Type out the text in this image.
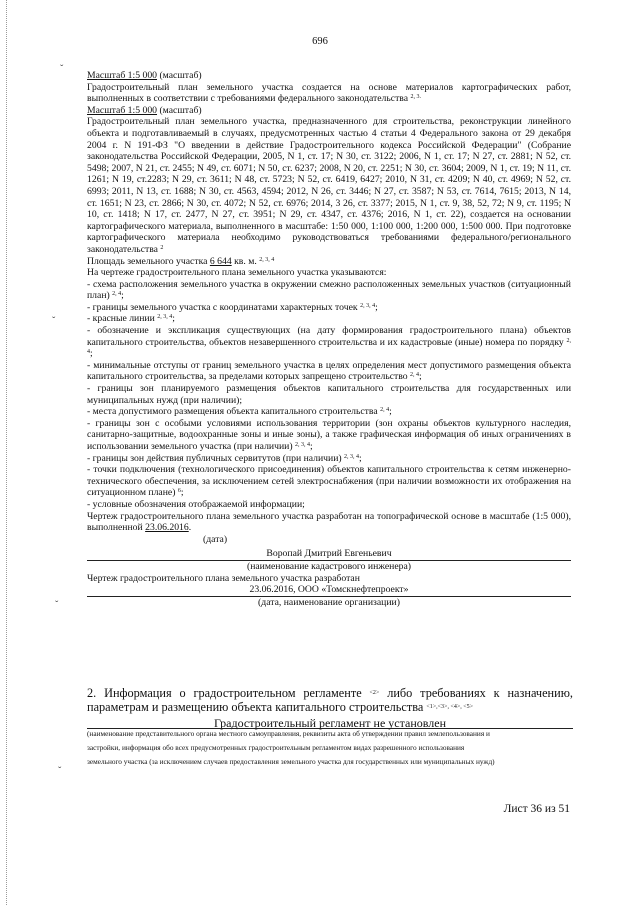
696
ˇ
ˇ
ˇ
ˇ

Масштаб 1:5 000 (масштаб)

Градостроительный план земельного участка создается на основе материалов картографических работ, выполненных в соответствии с требованиями федерального законодательства $^{2, 3.}$

Масштаб 1:5 000 (масштаб)

Градостроительный план земельного участка, предназначенного для строительства, реконструкции линейного объекта и подготавливаемый в случаях, предусмотренных частью 4 статьи 4 Федерального закона от 29 декабря 2004 г. N 191-ФЗ "О введении в действие Градостроительного кодекса Российской Федерации" (Собрание законодательства Российской Федерации, 2005, N 1, ст. 17; N 30, ст. 3122; 2006, N 1, ст. 17; N 27, ст. 2881; N 52, ст. 5498; 2007, N 21, ст. 2455; N 49, ст. 6071; N 50, ст. 6237; 2008, N 20, ст. 2251; N 30, ст. 3604; 2009, N 1, ст. 19; N 11, ст. 1261; N 19, ст.2283; N 29, ст. 3611; N 48, ст. 5723; N 52, ст. 6419, 6427; 2010, N 31, ст. 4209; N 40, ст. 4969; N 52, ст. 6993; 2011, N 13, ст. 1688; N 30, ст. 4563, 4594; 2012, N 26, ст. 3446; N 27, ст. 3587; N 53, ст. 7614, 7615; 2013, N 14, ст. 1651; N 23, ст. 2866; N 30, ст. 4072; N 52, ст. 6976; 2014, 3 26, ст. 3377; 2015, N 1, ст. 9, 38, 52, 72; N 9, ст. 1195; N 10, ст. 1418; N 17, ст. 2477, N 27, ст. 3951; N 29, ст. 4347, ст. 4376; 2016, N 1, ст. 22), создается на основании картографического материала, выполненного в масштабе: 1:50 000, 1:100 000, 1:200 000, 1:500 000. При подготовке картографического материала необходимо руководствоваться требованиями федерального/регионального законодательства $^2$

Площадь земельного участка 6 644 кв. м. $^{2, 3, 4}$

На чертеже градостроительного плана земельного участка указываются:

- схема расположения земельного участка в окружении смежно расположенных земельных участков (ситуационный план) $^{2, 4}$;

- границы земельного участка с координатами характерных точек $^{2, 3, 4}$;

- красные линии $^{2, 3, 4}$;

- обозначение и экспликация существующих (на дату формирования градостроительного плана) объектов капитального строительства, объектов незавершенного строительства и их кадастровые (иные) номера по порядку $^{2, 4}$;

- минимальные отступы от границ земельного участка в целях определения мест допустимого размещения объекта капитального строительства, за пределами которых запрещено строительство $^{2, 4}$;

- границы зон планируемого размещения объектов капитального строительства для государственных или муниципальных нужд (при наличии);

- места допустимого размещения объекта капитального строительства $^{2, 4}$;

- границы зон с особыми условиями использования территории (зон охраны объектов культурного наследия, санитарно-защитные, водоохранные зоны и иные зоны), а также графическая информация об иных ограничениях в использовании земельного участка (при наличии) $^{2, 3, 4}$;

- границы зон действия публичных сервитутов (при наличии) $^{2, 3, 4}$;

- точки подключения (технологического присоединения) объектов капитального строительства к сетям инженерно-технического обеспечения, за исключением сетей электроснабжения (при наличии возможности их отображения на ситуационном плане) $^6$;

- условные обозначения отображаемой информации;

Чертеж градостроительного плана земельного участка разработан на топографической основе в масштабе (1:5 000), выполненной 23.06.2016.

(дата)

Воропай Дмитрий Евгеньевич

(наименование кадастрового инженера)

Чертеж градостроительного плана земельного участка разработан

23.06.2016, ООО «Томскнефтепроект»

(дата, наименование организации)

2. Информация о градостроительном регламенте $^{<2>}$ либо требованиях к назначению, параметрам и размещению объекта капитального строительства $^{<1>,<3>, <4>, <5>}$

Градостроительный регламент не установлен

(наименование представительного органа местного самоуправления, реквизиты акта об утверждении правил землепользования и

застройки, информация обо всех предусмотренных градостроительным регламентом видах разрешенного использования

земельного участка (за исключением случаев предоставления земельного участка для государственных или муниципальных нужд)

Лист 36 из 51
